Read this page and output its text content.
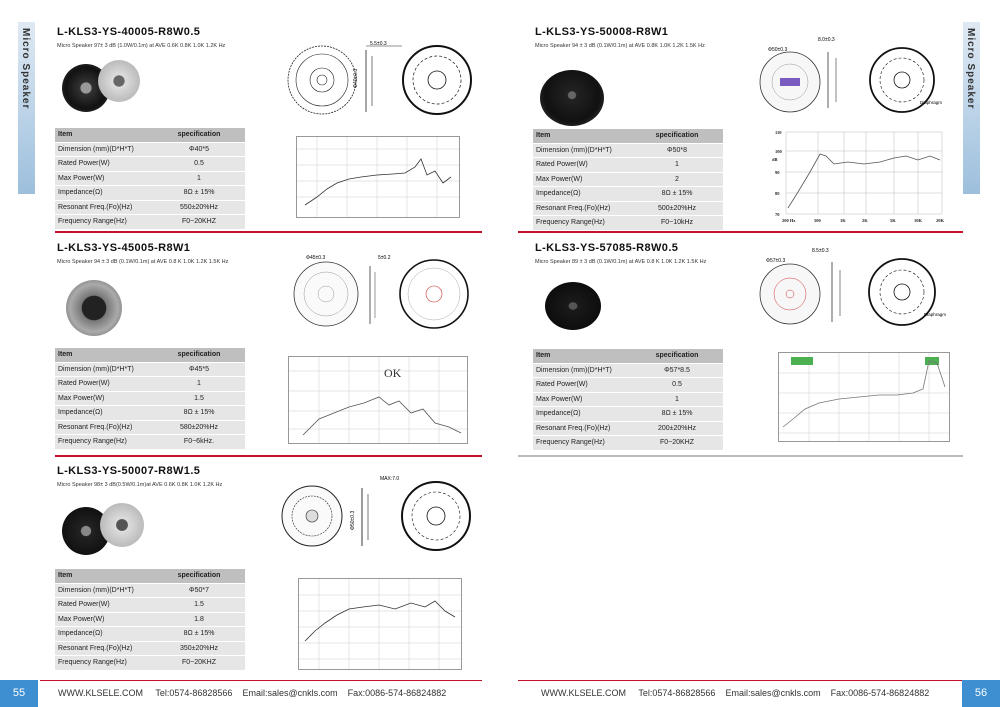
Micro Speaker	Micro Speaker
L-KLS3-YS-40005-R8W0.5
Micro Speaker 97± 3 dB (1.0W/0.1m) at AVE 0.6K 0.8K 1.0K 1.2K Hz	5.5±0.3
Φ40±0.3
Item	specification
Dimension (mm)(D*H*T)	Φ40*5
Rated Power(W)	0.5
Max Power(W)	1
Impedance(Ω)	8Ω ± 15%
Resonant Freq.(Fo)(Hz)	550±20%Hz
Frequency Range(Hz)	F0~20KHZ
L-KLS3-YS-45005-R8W1
Micro Speaker 94 ± 3 dB (0.1W/0.1m) at AVE 0.8 K 1.0K 1.2K 1.5K Hz
Φ45±0.3	5±0.2
Item	specification
Dimension (mm)(D*H*T)	Φ45*5
Rated Power(W)	1
Max Power(W)	1.5
Impedance(Ω)	8Ω ± 15%
Resonant Freq.(Fo)(Hz)	580±20%Hz
Frequency Range(Hz)	F0~6kHz.
OK
L-KLS3-YS-50007-R8W1.5
Micro Speaker 98± 3 dB(0.5W/0.1m)at AVE 0.6K 0.8K 1.0K 1.2K Hz
MAX:7.0
Φ50±0.3
Item	specification
Dimension (mm)(D*H*T)	Φ50*7
Rated Power(W)	1.5
Max Power(W)	1.8
Impedance(Ω)	8Ω ± 15%
Resonant Freq.(Fo)(Hz)	350±20%Hz
Frequency Range(Hz)	F0~20KHZ
L-KLS3-YS-50008-R8W1
Micro Speaker 94 ± 3 dB (0.1W/0.1m) at AVE 0.8K 1.0K 1.2K 1.5K Hz
Φ50±0.3
8.0±0.3
Diaphragm
Item	specification
Dimension (mm)(D*H*T)	Φ50*8
Rated Power(W)	1
Max Power(W)	2
Impedance(Ω)	8Ω ± 15%
Resonant Freq.(Fo)(Hz)	500±20%Hz
Frequency Range(Hz)	F0~10kHz
110
100
90
80
70
dB
200 Hz	500	1K	2K	5K	10K	20K
L-KLS3-YS-57085-R8W0.5
Micro Speaker 89 ± 3 dB (0.1W/0.1m) at AVE 0.8 K 1.0K 1.2K 1.5K Hz	Φ57±0.3
8.5±0.3
Diaphragm
Item	specification
Dimension (mm)(D*H*T)	Φ57*8.5
Rated Power(W)	0.5
Max Power(W)	1
Impedance(Ω)	8Ω ± 15%
Resonant Freq.(Fo)(Hz)	200±20%Hz
Frequency Range(Hz)	F0~20KHZ
55	56
WWW.KLSELE.COM Tel:0574-86828566 Email:sales@cnkls.com Fax:0086-574-86824882	WWW.KLSELE.COM Tel:0574-86828566 Email:sales@cnkls.com Fax:0086-574-86824882
